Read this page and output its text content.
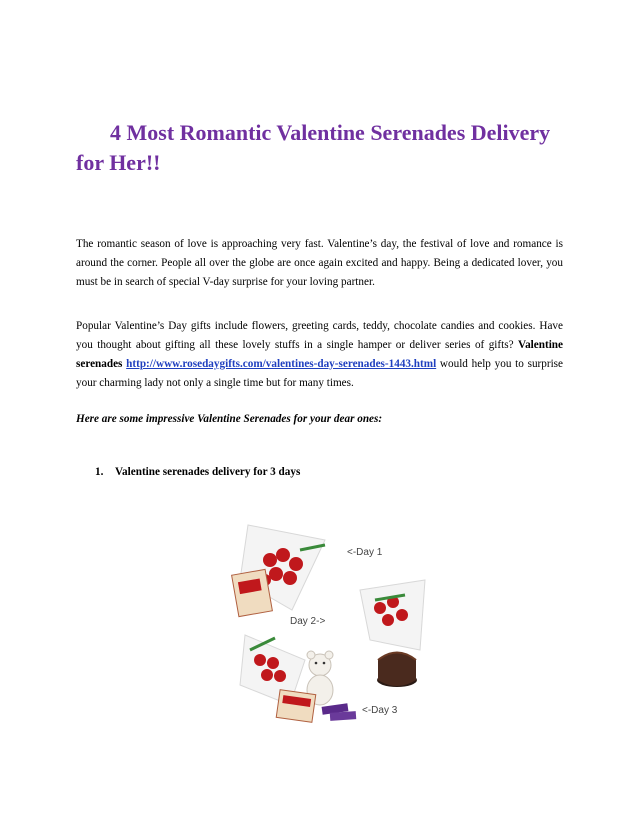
4 Most Romantic Valentine Serenades Delivery for Her!!
The romantic season of love is approaching very fast. Valentine’s day, the festival of love and romance is around the corner. People all over the globe are once again excited and happy. Being a dedicated lover, you must be in search of special V-day surprise for your loving partner.
Popular Valentine’s Day gifts include flowers, greeting cards, teddy, chocolate candies and cookies. Have you thought about gifting all these lovely stuffs in a single hamper or deliver series of gifts? Valentine serenades http://www.rosedaygifts.com/valentines-day-serenades-1443.html would help you to surprise your charming lady not only a single time but for many times.
Here are some impressive Valentine Serenades for your dear ones:
1. Valentine serenades delivery for 3 days
<-Day 1
Day 2->
<-Day 3
